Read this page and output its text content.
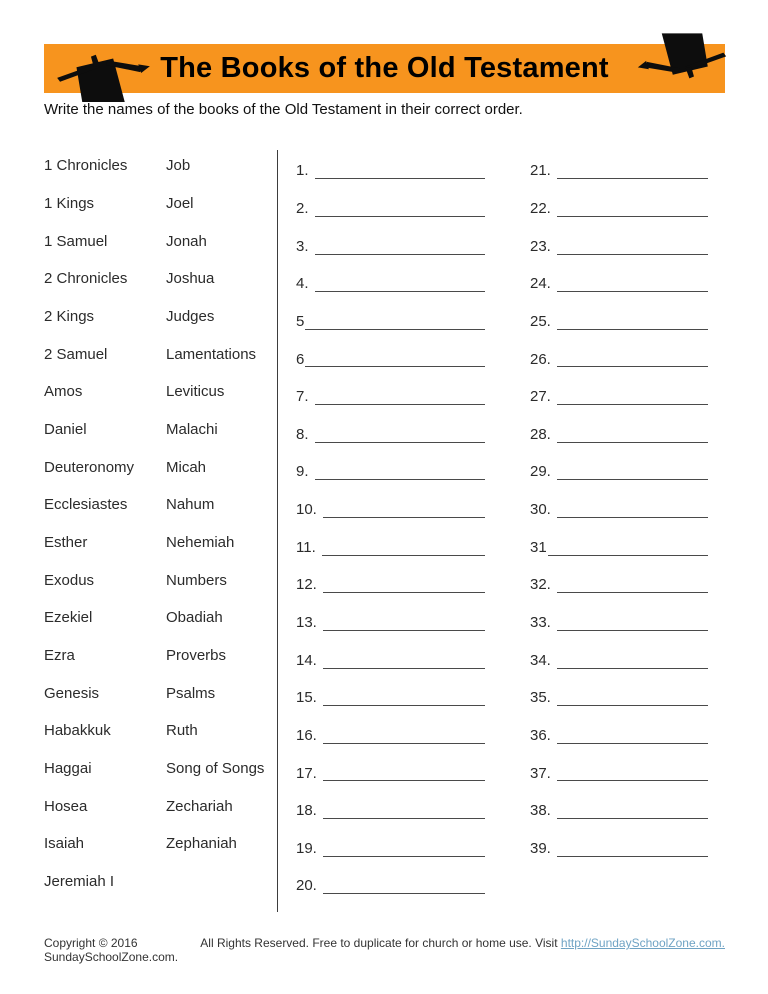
The Books of the Old Testament
Write the names of the books of the Old Testament in their correct order.
1 Chronicles
1 Kings
1 Samuel
2 Chronicles
2 Kings
2 Samuel
Amos
Daniel
Deuteronomy
Ecclesiastes
Esther
Exodus
Ezekiel
Ezra
Genesis
Habakkuk
Haggai
Hosea
Isaiah
Jeremiah I
Job
Joel
Jonah
Joshua
Judges
Lamentations
Leviticus
Malachi
Micah
Nahum
Nehemiah
Numbers
Obadiah
Proverbs
Psalms
Ruth
Song of Songs
Zechariah
Zephaniah
1.
2.
3.
4.
5
6
7.
8.
9.
10.
11.
12.
13.
14.
15.
16.
17.
18.
19.
20.
21.
22.
23.
24.
25.
26.
27.
28.
29.
30.
31
32.
33.
34.
35.
36.
37.
38.
39.
Copyright © 2016 SundaySchoolZone.com.
All Rights Reserved. Free to duplicate for church or home use. Visit http://SundaySchoolZone.com.
